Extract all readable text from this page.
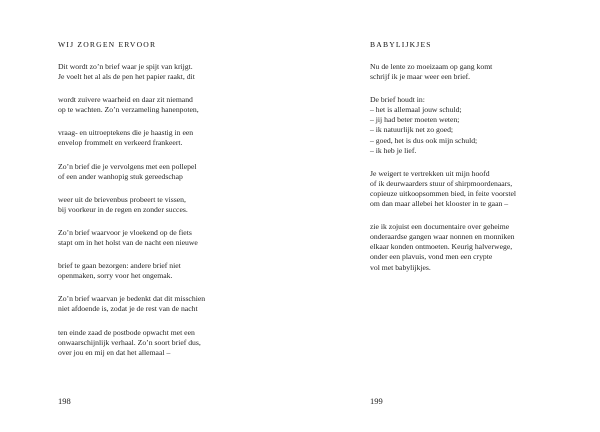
WIJ ZORGEN ERVOOR
Dit wordt zo’n brief waar je spijt van krijgt.
Je voelt het al als de pen het papier raakt, dit
wordt zuivere waarheid en daar zit niemand
op te wachten. Zo’n verzameling hanenpoten,
vraag- en uitroeptekens die je haastig in een
envelop frommelt en verkeerd frankeert.
Zo’n brief die je vervolgens met een pollepel
of een ander wanhopig stuk gereedschap
weer uit de brievenbus probeert te vissen,
bij voorkeur in de regen en zonder succes.
Zo’n brief waarvoor je vloekend op de fiets
stapt om in het holst van de nacht een nieuwe
brief te gaan bezorgen: andere brief niet
openmaken, sorry voor het ongemak.
Zo’n brief waarvan je bedenkt dat dit misschien
niet afdoende is, zodat je de rest van de nacht
ten einde zaad de postbode opwacht met een
onwaarschijnlijk verhaal. Zo’n soort brief dus,
over jou en mij en dat het allemaal –
198
BABYLIJKJES
Nu de lente zo moeizaam op gang komt
schrijf ik je maar weer een brief.
De brief houdt in:
– het is allemaal jouw schuld;
– jij had beter moeten weten;
– ik natuurlijk net zo goed;
– goed, het is dus ook mijn schuld;
– ik heb je lief.
Je weigert te vertrekken uit mijn hoofd
of ik deurwaarders stuur of shirpmoordenaars,
copieuze uitkoopsommen bied, in feite voorstel
om dan maar allebei het klooster in te gaan –
zie ik zojuist een documentaire over geheime
onderaardse gangen waar nonnen en monniken
elkaar konden ontmoeten. Keurig halverwege,
onder een plavuis, vond men een crypte
vol met babylijkjes.
199
